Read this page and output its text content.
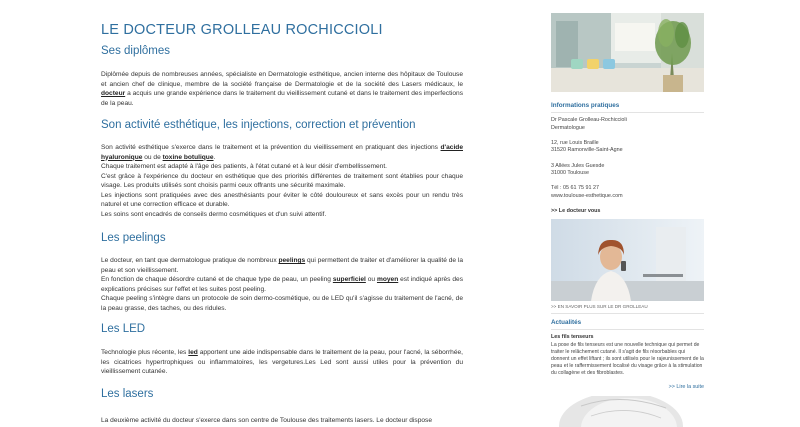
LE DOCTEUR GROLLEAU ROCHICCIOLI
Ses diplômes
Diplômée depuis de nombreuses années, spécialiste en Dermatologie esthétique, ancien interne des hôpitaux de Toulouse et ancien chef de clinique, membre de la société française de Dermatologie et de la société des Lasers médicaux, le docteur a acquis une grande expérience dans le traitement du vieillissement cutané et dans le traitement des imperfections de la peau.
Son activité esthétique, les injections, correction et prévention

Son activité esthétique s'exerce dans le traitement et la prévention du vieillissement en pratiquant des injections d'acide hyaluronique ou de toxine botulique.

Chaque traitement est adapté à l'âge des patients, à l'état cutané et à leur désir d'embellissement.

C'est grâce à l'expérience du docteur en esthétique que des priorités différentes de traitement sont établies pour chaque visage. Les produits utilisés sont choisis parmi ceux offrants une sécurité maximale.

Les injections sont pratiquées avec des anesthésiants pour éviter le côté douloureux et sans excès pour un rendu très naturel et une correction efficace et durable.

Les soins sont encadrés de conseils dermo cosmétiques et d'un suivi attentif.

Les peelings

Le docteur, en tant que dermatologue pratique de nombreux peelings qui permettent de traiter et d'améliorer la qualité de la peau et son vieillissement.

En fonction de chaque désordre cutané et de chaque type de peau, un peeling superficiel ou moyen est indiqué après des explications précises sur l'effet et les suites post peeling.

Chaque peeling s'intègre dans un protocole de soin dermo-cosmétique, ou de LED qu'il s'agisse du traitement de l'acné, de la peau grasse, des taches, ou des ridules.

Les LED
Technologie plus récente, les led apportent une aide indispensable dans le traitement de la peau, pour l'acné, la séborrhée, les cicatrices hypertrophiques ou inflammatoires, les vergetures.Les Led sont aussi utiles pour la prévention du vieillissement cutanée.
Les lasers
La deuxième activité du docteur s'exerce dans son centre de Toulouse des traitements lasers. Le docteur dispose
Informations pratiques
Dr Pascale Grolleau-Rochiccioli
Dermatologue
12, rue Louis Braille
31520 Ramonville-Saint-Agne
3 Allées Jules Guesde
31000 Toulouse
Tél : 05 61 75 91 27
www.toulouse-esthetique.com
>> Le docteur vous
>> EN SAVOIR PLUS SUR LE DR GROLLEAU
Actualités
Les fils tenseurs
La pose de fils tenseurs est une nouvelle technique qui permet de traiter le relâchement cutané. Il s'agit de fils résorbables qui donnent un effet liftant ; ils sont utilisés pour le rajeunissement de la peau et le raffermissement localisé du visage grâce à la stimulation du collagène et des fibroblastes.
>> Lire la suite
